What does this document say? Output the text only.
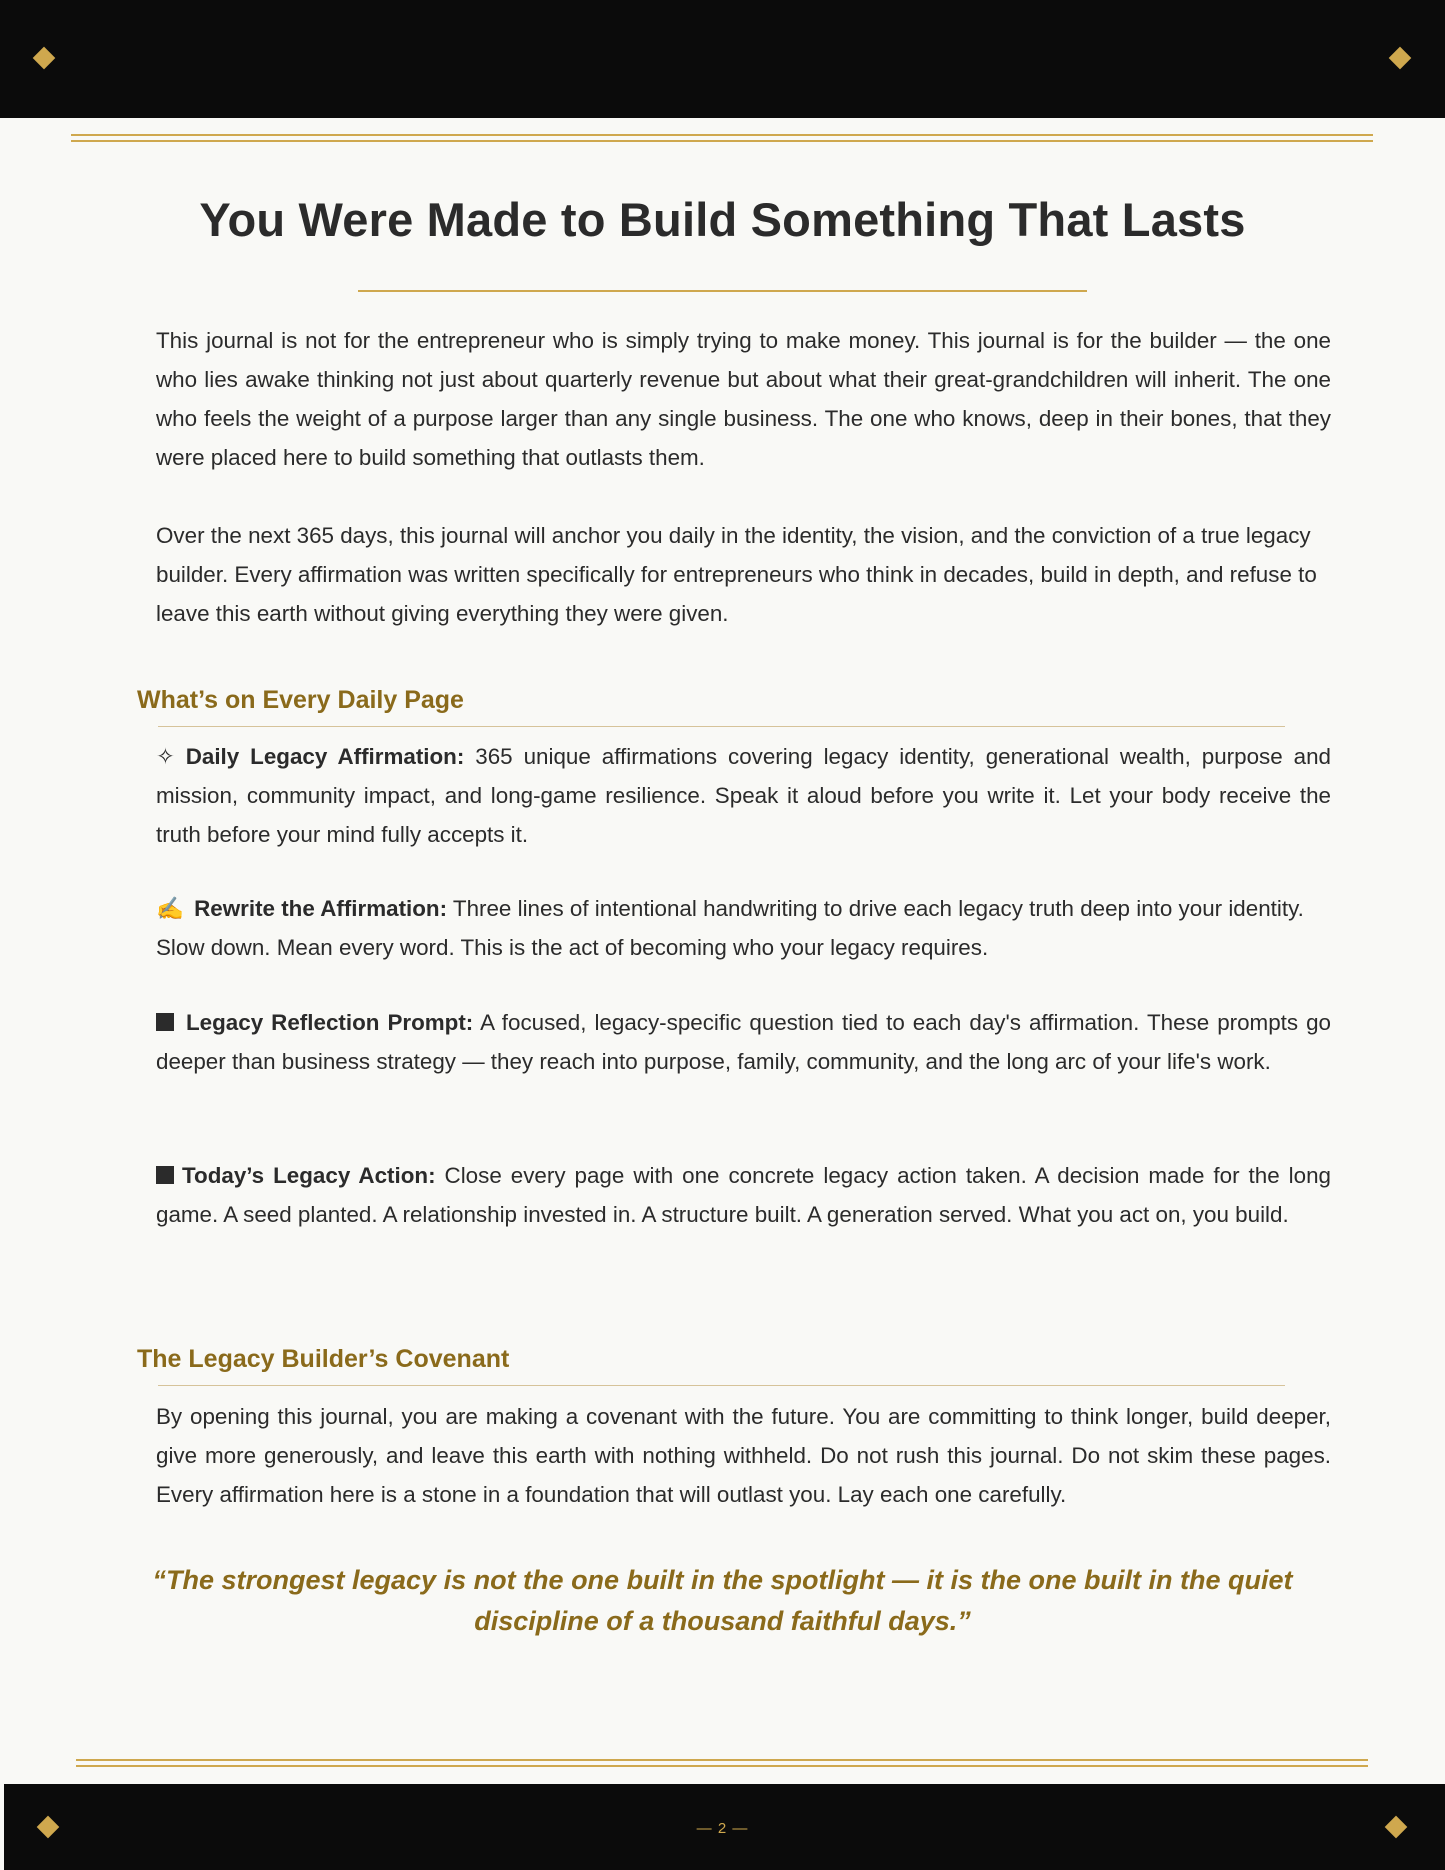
You Were Made to Build Something That Lasts

This journal is not for the entrepreneur who is simply trying to make money. This journal is for the builder — the one who lies awake thinking not just about quarterly revenue but about what their great-grandchildren will inherit. The one who feels the weight of a purpose larger than any single business. The one who knows, deep in their bones, that they were placed here to build something that outlasts them.

Over the next 365 days, this journal will anchor you daily in the identity, the vision, and the conviction of a true legacy builder. Every affirmation was written specifically for entrepreneurs who think in decades, build in depth, and refuse to leave this earth without giving everything they were given.

What’s on Every Daily Page

✧ Daily Legacy Affirmation: 365 unique affirmations covering legacy identity, generational wealth, purpose and mission, community impact, and long-game resilience. Speak it aloud before you write it. Let your body receive the truth before your mind fully accepts it.

✍ Rewrite the Affirmation: Three lines of intentional handwriting to drive each legacy truth deep into your identity. Slow down. Mean every word. This is the act of becoming who your legacy requires.

Legacy Reflection Prompt: A focused, legacy-specific question tied to each day's affirmation. These prompts go deeper than business strategy — they reach into purpose, family, community, and the long arc of your life's work.

Today’s Legacy Action: Close every page with one concrete legacy action taken. A decision made for the long game. A seed planted. A relationship invested in. A structure built. A generation served. What you act on, you build.

The Legacy Builder’s Covenant

By opening this journal, you are making a covenant with the future. You are committing to think longer, build deeper, give more generously, and leave this earth with nothing withheld. Do not rush this journal. Do not skim these pages. Every affirmation here is a stone in a foundation that will outlast you. Lay each one carefully.

“The strongest legacy is not the one built in the spotlight — it is the one built in the quiet discipline of a thousand faithful days.”
— 2 —
